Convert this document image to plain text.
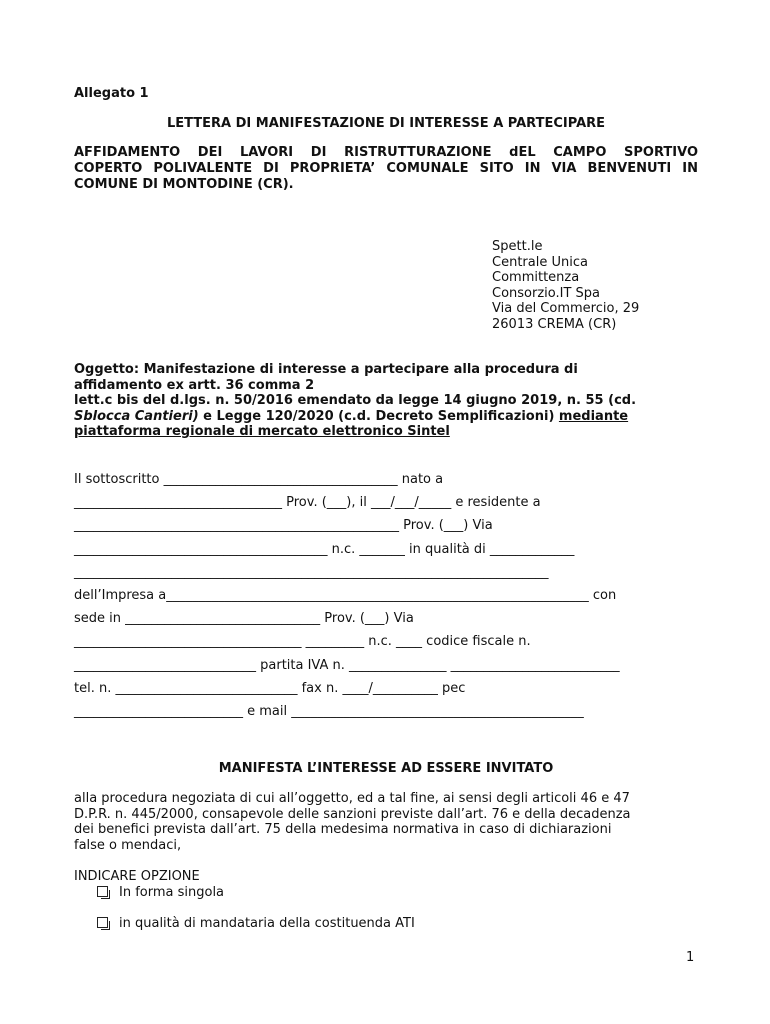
Allegato 1
LETTERA DI MANIFESTAZIONE DI INTERESSE A PARTECIPARE
AFFIDAMENTO DEI LAVORI DI RISTRUTTURAZIONE dEL CAMPO SPORTIVO
COPERTO POLIVALENTE DI PROPRIETA’ COMUNALE SITO IN VIA BENVENUTI IN
COMUNE DI MONTODINE (CR).
Spett.le
Centrale Unica
Committenza
Consorzio.IT Spa
Via del Commercio, 29
26013 CREMA (CR)
Oggetto: Manifestazione di interesse a partecipare alla procedura di
affidamento ex artt. 36 comma 2
lett.c bis del d.lgs. n. 50/2016 emendato da legge 14 giugno 2019, n. 55 (cd.
Sblocca Cantieri) e Legge 120/2020 (c.d. Decreto Semplificazioni) mediante
piattaforma regionale di mercato elettronico Sintel
Il sottoscritto ____________________________________ nato a
________________________________ Prov. (___), il ___/___/_____ e residente a
__________________________________________________ Prov. (___) Via
_______________________________________ n.c. _______ in qualità di _____________
_________________________________________________________________________
dell’Impresa a_________________________________________________________________ con
sede in ______________________________ Prov. (___) Via
___________________________________ _________ n.c. ____ codice fiscale n.
____________________________ partita IVA n. _______________ __________________________
tel. n. ____________________________ fax n. ____/__________ pec
__________________________ e mail _____________________________________________
MANIFESTA L’INTERESSE AD ESSERE INVITATO
alla procedura negoziata di cui all’oggetto, ed a tal fine, ai sensi degli articoli 46 e 47
D.P.R. n. 445/2000, consapevole delle sanzioni previste dall’art. 76 e della decadenza
dei benefici prevista dall’art. 75 della medesima normativa in caso di dichiarazioni
false o mendaci,
INDICARE OPZIONE
In forma singola
in qualità di mandataria della costituenda ATI
1
